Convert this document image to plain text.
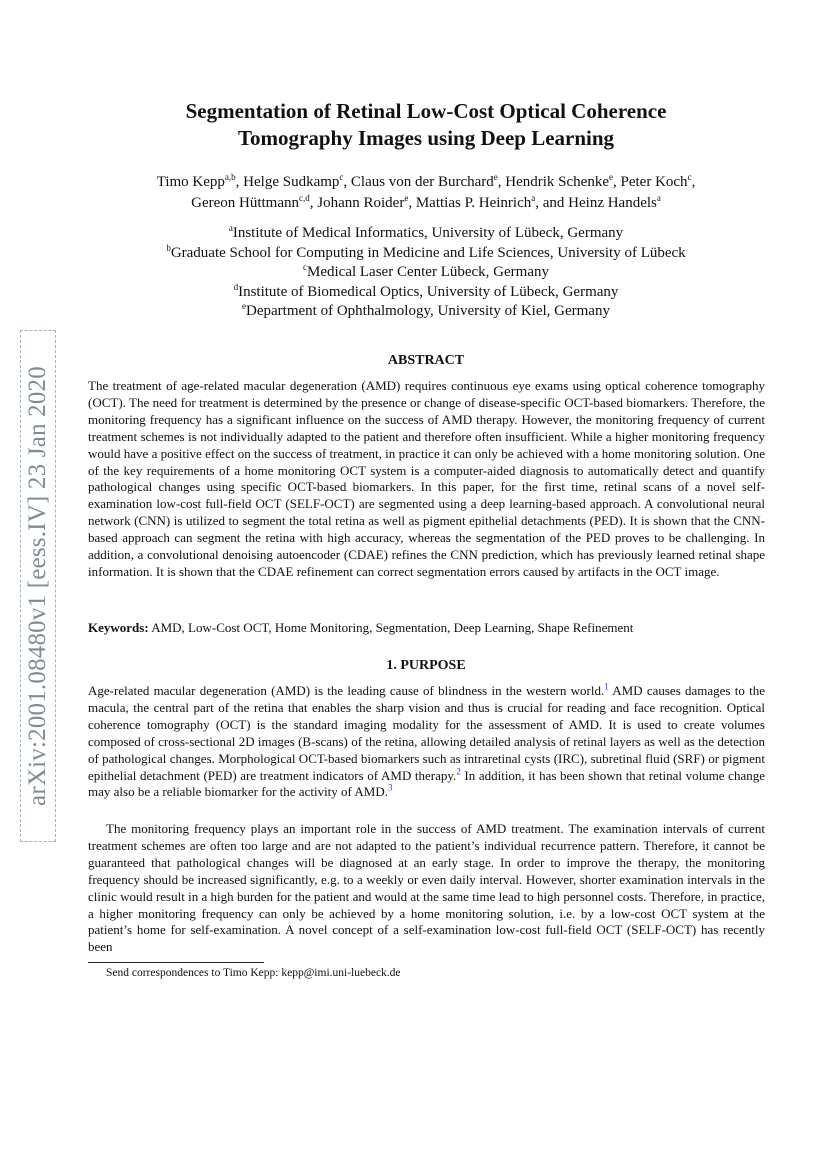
arXiv:2001.08480v1 [eess.IV] 23 Jan 2020
Segmentation of Retinal Low-Cost Optical Coherence
Tomography Images using Deep Learning
Timo Kepp$^{a,b}$, Helge Sudkamp$^c$, Claus von der Burchard$^e$, Hendrik Schenke$^e$, Peter Koch$^c$,
Gereon Hüttmann$^{c,d}$, Johann Roider$^e$, Mattias P. Heinrich$^a$, and Heinz Handels$^a$
$^a$Institute of Medical Informatics, University of Lübeck, Germany
$^b$Graduate School for Computing in Medicine and Life Sciences, University of Lübeck
$^c$Medical Laser Center Lübeck, Germany
$^d$Institute of Biomedical Optics, University of Lübeck, Germany
$^e$Department of Ophthalmology, University of Kiel, Germany
ABSTRACT

The treatment of age-related macular degeneration (AMD) requires continuous eye exams using optical coherence tomography (OCT). The need for treatment is determined by the presence or change of disease-specific OCT-based biomarkers. Therefore, the monitoring frequency has a significant influence on the success of AMD therapy. However, the monitoring frequency of current treatment schemes is not individually adapted to the patient and therefore often insufficient. While a higher monitoring frequency would have a positive effect on the success of treatment, in practice it can only be achieved with a home monitoring solution. One of the key requirements of a home monitoring OCT system is a computer-aided diagnosis to automatically detect and quantify pathological changes using specific OCT-based biomarkers. In this paper, for the first time, retinal scans of a novel self-examination low-cost full-field OCT (SELF-OCT) are segmented using a deep learning-based approach. A convolutional neural network (CNN) is utilized to segment the total retina as well as pigment epithelial detachments (PED). It is shown that the CNN-based approach can segment the retina with high accuracy, whereas the segmentation of the PED proves to be challenging. In addition, a convolutional denoising autoencoder (CDAE) refines the CNN prediction, which has previously learned retinal shape information. It is shown that the CDAE refinement can correct segmentation errors caused by artifacts in the OCT image.

Keywords: AMD, Low-Cost OCT, Home Monitoring, Segmentation, Deep Learning, Shape Refinement

1. PURPOSE

Age-related macular degeneration (AMD) is the leading cause of blindness in the western world.$^1$ AMD causes damages to the macula, the central part of the retina that enables the sharp vision and thus is crucial for reading and face recognition. Optical coherence tomography (OCT) is the standard imaging modality for the assessment of AMD. It is used to create volumes composed of cross-sectional 2D images (B-scans) of the retina, allowing detailed analysis of retinal layers as well as the detection of pathological changes. Morphological OCT-based biomarkers such as intraretinal cysts (IRC), subretinal fluid (SRF) or pigment epithelial detachment (PED) are treatment indicators of AMD therapy.$^2$ In addition, it has been shown that retinal volume change may also be a reliable biomarker for the activity of AMD.$^3$

The monitoring frequency plays an important role in the success of AMD treatment. The examination intervals of current treatment schemes are often too large and are not adapted to the patient’s individual recurrence pattern. Therefore, it cannot be guaranteed that pathological changes will be diagnosed at an early stage. In order to improve the therapy, the monitoring frequency should be increased significantly, e.g. to a weekly or even daily interval. However, shorter examination intervals in the clinic would result in a high burden for the patient and would at the same time lead to high personnel costs. Therefore, in practice, a higher monitoring frequency can only be achieved by a home monitoring solution, i.e. by a low-cost OCT system at the patient’s home for self-examination. A novel concept of a self-examination low-cost full-field OCT (SELF-OCT) has recently been

Send correspondences to Timo Kepp: kepp@imi.uni-luebeck.de
